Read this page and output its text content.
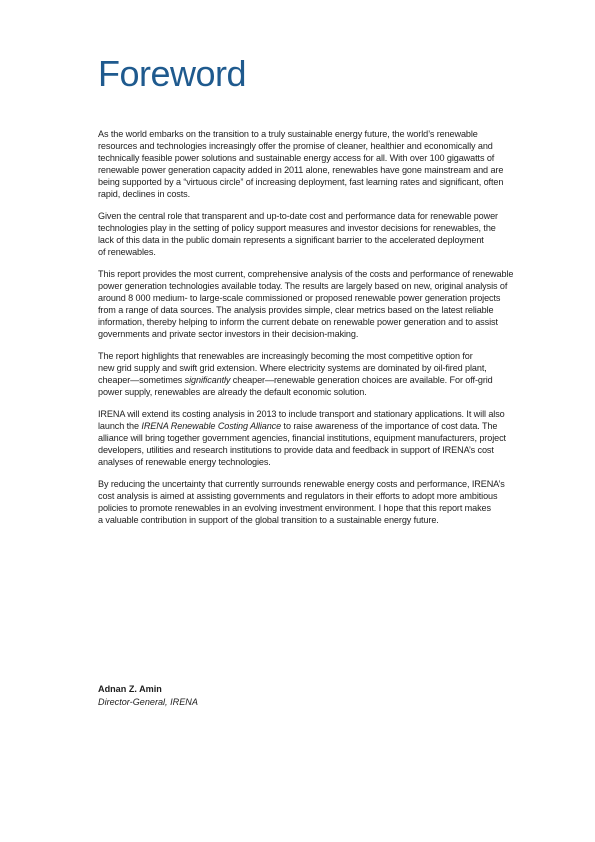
Foreword

As the world embarks on the transition to a truly sustainable energy future, the world’s renewable
resources and technologies increasingly offer the promise of cleaner, healthier and economically and
technically feasible power solutions and sustainable energy access for all. With over 100 gigawatts of
renewable power generation capacity added in 2011 alone, renewables have gone mainstream and are
being supported by a “virtuous circle” of increasing deployment, fast learning rates and significant, often
rapid, declines in costs.

Given the central role that transparent and up-to-date cost and performance data for renewable power
technologies play in the setting of policy support measures and investor decisions for renewables, the
lack of this data in the public domain represents a significant barrier to the accelerated deployment
of renewables.

This report provides the most current, comprehensive analysis of the costs and performance of renewable
power generation technologies available today. The results are largely based on new, original analysis of
around 8 000 medium- to large-scale commissioned or proposed renewable power generation projects
from a range of data sources. The analysis provides simple, clear metrics based on the latest reliable
information, thereby helping to inform the current debate on renewable power generation and to assist
governments and private sector investors in their decision-making.

The report highlights that renewables are increasingly becoming the most competitive option for
new grid supply and swift grid extension. Where electricity systems are dominated by oil-fired plant,
cheaper—sometimes significantly cheaper—renewable generation choices are available. For off-grid
power supply, renewables are already the default economic solution.

IRENA will extend its costing analysis in 2013 to include transport and stationary applications. It will also
launch the IRENA Renewable Costing Alliance to raise awareness of the importance of cost data. The
alliance will bring together government agencies, financial institutions, equipment manufacturers, project
developers, utilities and research institutions to provide data and feedback in support of IRENA’s cost
analyses of renewable energy technologies.

By reducing the uncertainty that currently surrounds renewable energy costs and performance, IRENA’s
cost analysis is aimed at assisting governments and regulators in their efforts to adopt more ambitious
policies to promote renewables in an evolving investment environment. I hope that this report makes
a valuable contribution in support of the global transition to a sustainable energy future.

Adnan Z. Amin
Director-General, IRENA
